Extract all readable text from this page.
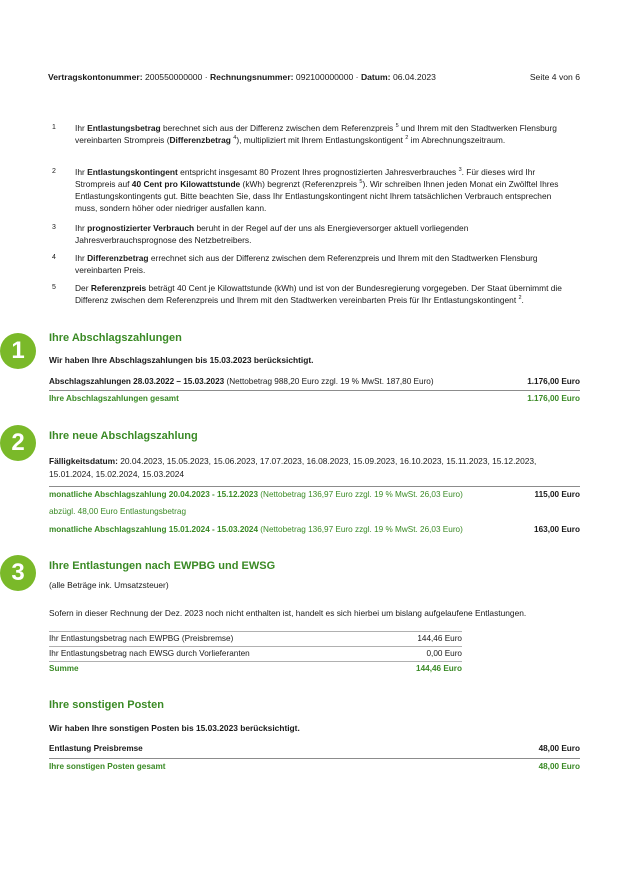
Vertragskontonummer: 200550000000 · Rechnungsnummer: 092100000000 · Datum: 06.04.2023	Seite 4 von 6
1 Ihr Entlastungsbetrag berechnet sich aus der Differenz zwischen dem Referenzpreis $^5$ und Ihrem mit den Stadtwerken Flensburg vereinbarten Strompreis (Differenzbetrag $^4$), multipliziert mit Ihrem Entlastungskontigent $^2$ im Abrechnungszeitraum.
2 Ihr Entlastungskontingent entspricht insgesamt 80 Prozent Ihres prognostizierten Jahresverbrauches $^3$. Für dieses wird Ihr Strompreis auf 40 Cent pro Kilowattstunde (kWh) begrenzt (Referenzpreis $^5$). Wir schreiben Ihnen jeden Monat ein Zwölftel Ihres Entlastungskontingents gut. Bitte beachten Sie, dass Ihr Entlastungskontingent nicht Ihrem tatsächlichen Verbrauch entsprechen muss, sondern höher oder niedriger ausfallen kann.
3 Ihr prognostizierter Verbrauch beruht in der Regel auf der uns als Energieversorger aktuell vorliegenden Jahresverbrauchsprognose des Netzbetreibers.
4 Ihr Differenzbetrag errechnet sich aus der Differenz zwischen dem Referenzpreis und Ihrem mit den Stadtwerken Flensburg vereinbarten Preis.
5 Der Referenzpreis beträgt 40 Cent je Kilowattstunde (kWh) und ist von der Bundesregierung vorgegeben. Der Staat übernimmt die Differenz zwischen dem Referenzpreis und Ihrem mit den Stadtwerken vereinbarten Preis für Ihr Entlastungskontingent $^2$.
1	Ihre Abschlagszahlungen
Wir haben Ihre Abschlagszahlungen bis 15.03.2023 berücksichtigt.
Abschlagszahlungen 28.03.2022 – 15.03.2023 (Nettobetrag 988,20 Euro zzgl. 19 % MwSt. 187,80 Euro)	1.176,00 Euro
Ihre Abschlagszahlungen gesamt	1.176,00 Euro
2	Ihre neue Abschlagszahlung
Fälligkeitsdatum: 20.04.2023, 15.05.2023, 15.06.2023, 17.07.2023, 16.08.2023, 15.09.2023, 16.10.2023, 15.11.2023, 15.12.2023,
15.01.2024, 15.02.2024, 15.03.2024
monatliche Abschlagszahlung 20.04.2023 - 15.12.2023 (Nettobetrag 136,97 Euro zzgl. 19 % MwSt. 26,03 Euro)	115,00 Euro
abzügl. 48,00 Euro Entlastungsbetrag
monatliche Abschlagszahlung 15.01.2024 - 15.03.2024 (Nettobetrag 136,97 Euro zzgl. 19 % MwSt. 26,03 Euro)	163,00 Euro
3	Ihre Entlastungen nach EWPBG und EWSG
(alle Beträge ink. Umsatzsteuer)
Sofern in dieser Rechnung der Dez. 2023 noch nicht enthalten ist, handelt es sich hierbei um bislang aufgelaufene Entlastungen.
Ihr Entlastungsbetrag nach EWPBG (Preisbremse)	144,46 Euro
Ihr Entlastungsbetrag nach EWSG durch Vorlieferanten	0,00 Euro
Summe	144,46 Euro
Ihre sonstigen Posten
Wir haben Ihre sonstigen Posten bis 15.03.2023 berücksichtigt.
Entlastung Preisbremse	48,00 Euro
Ihre sonstigen Posten gesamt	48,00 Euro
